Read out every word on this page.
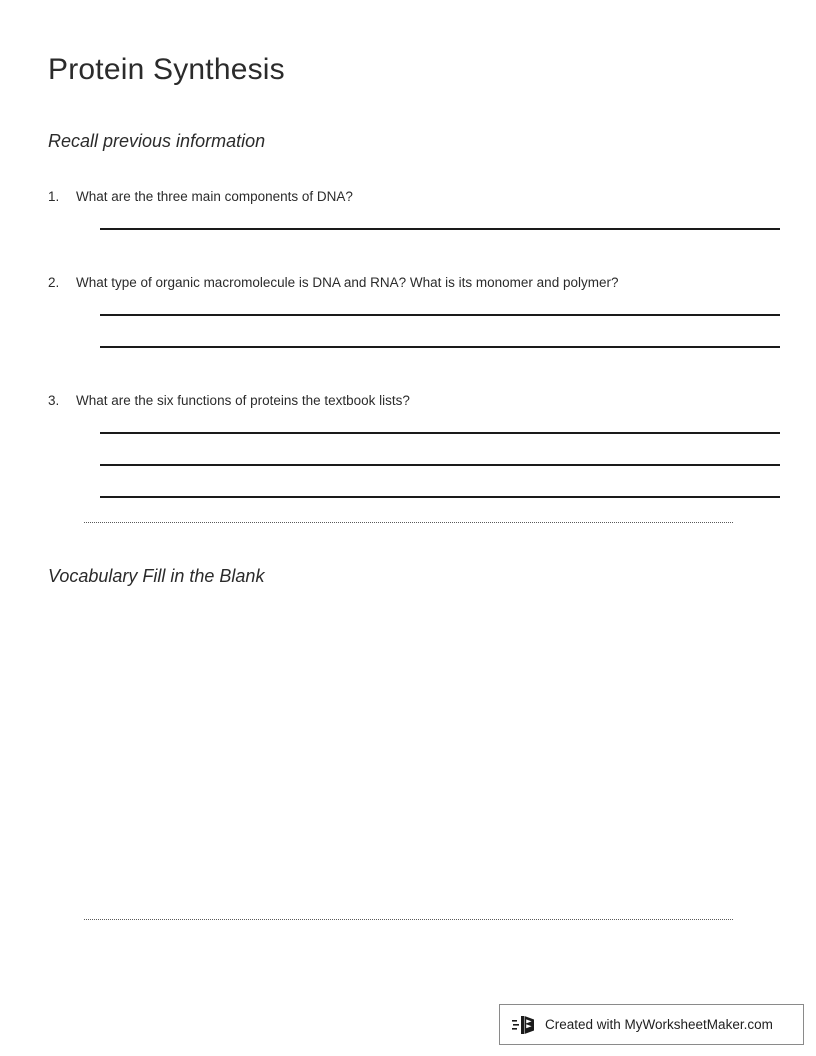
Protein Synthesis
Recall previous information
1. What are the three main components of DNA?
2. What type of organic macromolecule is DNA and RNA? What is its monomer and polymer?
3. What are the six functions of proteins the textbook lists?
Vocabulary Fill in the Blank
Created with MyWorksheetMaker.com
